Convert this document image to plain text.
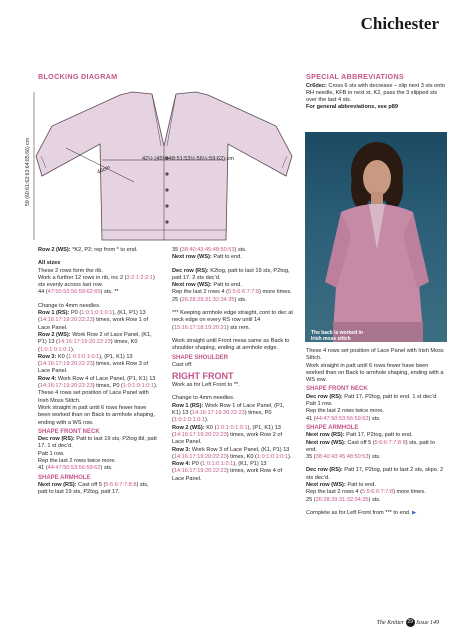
Chichester
BLOCKING DIAGRAM	SPECIAL ABBREVIATIONS
Cr6dec: Cross 6 sts with decrease – slip next 3 sts onto RH needle, KFB in next st, K2, pass the 3 slipped sts over the last 4 sts.
For general abbreviations, see p89
42½ (45½:48:51:53½:56½:59:62) cm
46cm
59 (60:61:62:63:64:65:66) cm
The back is worked in Irish moss stitch

Row 2 (WS): *K2, P2; rep from * to end.

All sizes

These 2 rows form the rib.

Work a further 12 rows in rib, inc 2 (3:2:1:2:2:1) sts evenly across last row.

44 (47:50:53:56:59:62:65) sts. **

Change to 4mm needles.

Row 1 (RS): P0 (1:0:1:0:1:0:1), (K1, P1) 13 (14:16:17:19:20:22:23) times, work Row 1 of Lace Panel.

Row 2 (WS): Work Row 2 of Lace Panel, (K1, P1) 13 (14:16:17:19:20:22:23) times, K0 (1:0:1:0:1:0:1).

Row 3: K0 (1:0:1:0:1:0:1), (P1, K1) 13 (14:16:17:19:20:22:23) times, work Row 3 of Lace Panel.

Row 4: Work Row 4 of Lace Panel, (P1, K1) 13 (14:16:17:19:20:22:23) times, P0 (1:0:1:0:1:0:1).

These 4 rows set position of Lace Panel with Irish Moss Stitch.

Work straight in patt until 6 rows fewer have been worked than on Back to armhole shaping, ending with a WS row.

SHAPE FRONT NECK

Dec row (RS): Patt to last 19 sts, P2tog tbl, patt 17. 1 st dec’d.

Patt 1 row.

Rep the last 2 rows twice more.

41 (44:47:50:53:56:59:62) sts.

SHAPE ARMHOLE

Next row (RS): Cast off 5 (5:6:6:7:7:8:8) sts, patt to last 19 sts, P2tog, patt 17.

35 (38:40:43:45:48:50:53) sts.

Next row (WS): Patt to end.

Dec row (RS): K2tog, patt to last 19 sts, P2tog, patt 17. 2 sts dec’d.

Next row (WS): Patt to end.

Rep the last 2 rows 4 (5:5:6:6:7:7:8) more times.

25 (26:28:29:31:32:34:35) sts.

*** Keeping armhole edge straight, cont to dec at neck edge on every RS row until 14 (15:16:17:18:19:20:21) sts rem.

Work straight until Front meas same as Back to shoulder shaping, ending at armhole edge.

SHAPE SHOULDER

Cast off.

RIGHT FRONT

Work as for Left Front to **.

Change to 4mm needles.

Row 1 (RS): Work Row 1 of Lace Panel, (P1, K1) 13 (14:16:17:19:20:22:23) times, P0 (1:0:1:0:1:0:1).

Row 2 (WS): K0 (1:0:1:0:1:0:1), (P1, K1) 13 (14:16:17:19:20:22:23) times, work Row 2 of Lace Panel.

Row 3: Work Row 3 of Lace Panel, (K1, P1) 13 (14:16:17:19:20:22:23) times, K0 (1:0:1:0:1:0:1).

Row 4: P0 (1:0:1:0:1:0:1), (K1, P1) 13 (14:16:17:19:20:22:23) times, work Row 4 of Lace Panel.

These 4 rows set position of Lace Panel with Irish Moss Stitch.

Work straight in patt until 6 rows fewer have been worked than on Back to armhole shaping, ending with a WS row.

SHAPE FRONT NECK

Dec row (RS): Patt 17, P2tog, patt to end. 1 st dec’d.

Patt 1 row.

Rep the last 2 rows twice more.

41 (44:47:50:53:56:59:62) sts.

SHAPE ARMHOLE

Next row (RS): Patt 17, P2tog, patt to end.

Next row (WS): Cast off 5 (5:6:6:7:7:8:8) sts, patt to end.

35 (38:40:43:45:48:50:53) sts.

Dec row (RS): Patt 17, P2tog, patt to last 2 sts, skpo. 2 sts dec’d.

Next row (WS): Patt to end.

Rep the last 2 rows 4 (5:5:6:6:7:7:8) more times.

25 (26:28:29:31:32:34:35) sts.

Complete as for Left Front from *** to end. ▶

The Knitter 29 Issue 149
